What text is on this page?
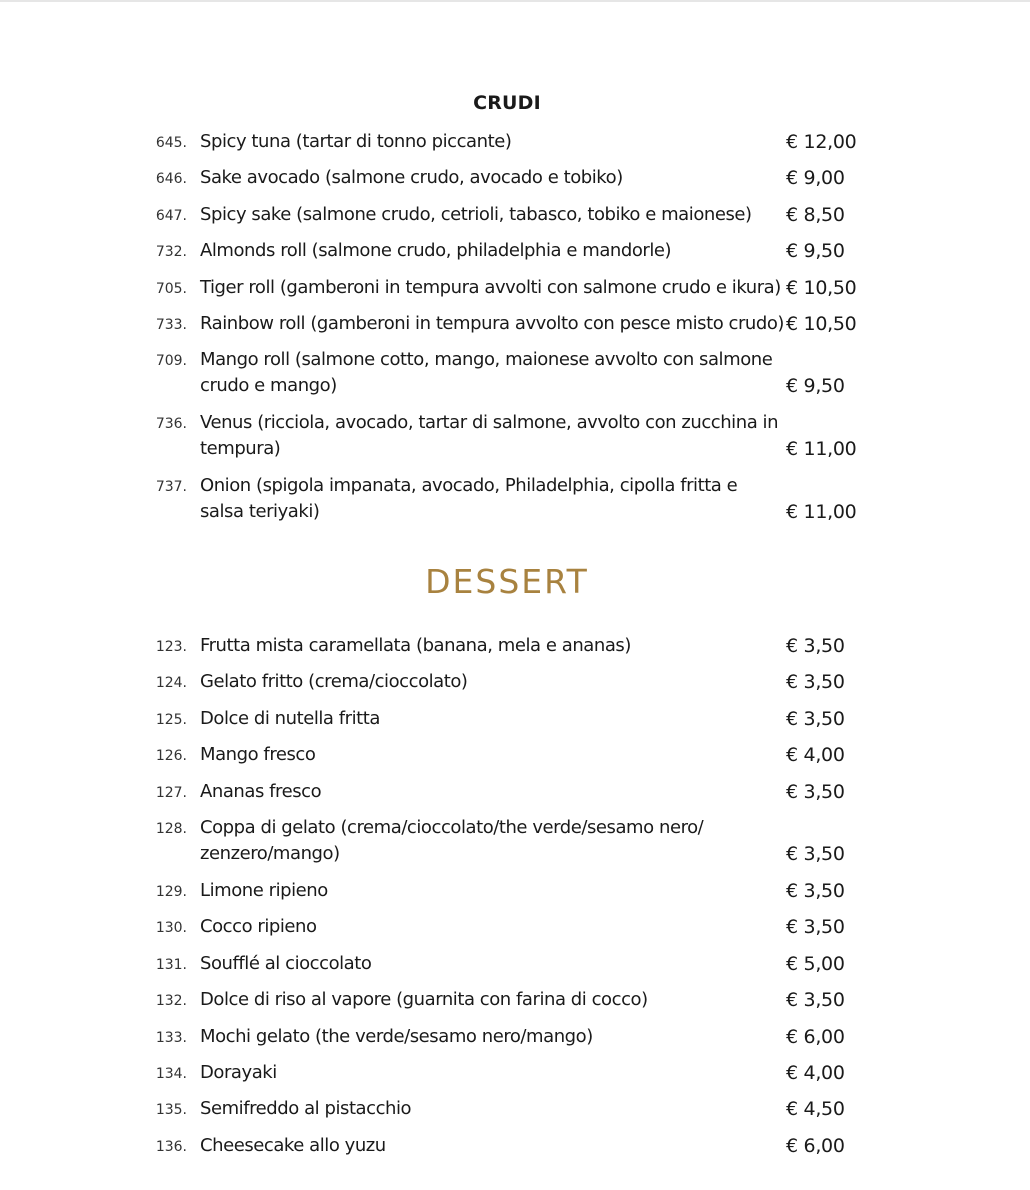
CRUDI
645. Spicy tuna (tartar di tonno piccante)	€ 12,00
646. Sake avocado (salmone crudo, avocado e tobiko)	€ 9,00
647. Spicy sake (salmone crudo, cetrioli, tabasco, tobiko e maionese)	€ 8,50
732. Almonds roll (salmone crudo, philadelphia e mandorle)	€ 9,50
705. Tiger roll (gamberoni in tempura avvolti con salmone crudo e ikura) € 10,50
733. Rainbow roll (gamberoni in tempura avvolto con pesce misto crudo) € 10,50
709. Mango roll (salmone cotto, mango, maionese avvolto con salmone crudo e mango)	€ 9,50
736. Venus (ricciola, avocado, tartar di salmone, avvolto con zucchina in tempura)	€ 11,00
737. Onion (spigola impanata, avocado, Philadelphia, cipolla fritta e salsa teriyaki)	€ 11,00
DESSERT
123. Frutta mista caramellata (banana, mela e ananas)	€ 3,50
124. Gelato fritto (crema/cioccolato)	€ 3,50
125. Dolce di nutella fritta	€ 3,50
126. Mango fresco	€ 4,00
127. Ananas fresco	€ 3,50
128. Coppa di gelato (crema/cioccolato/the verde/sesamo nero/ zenzero/mango)	€ 3,50
129. Limone ripieno	€ 3,50
130. Cocco ripieno	€ 3,50
131. Soufflé al cioccolato	€ 5,00
132. Dolce di riso al vapore (guarnita con farina di cocco)	€ 3,50
133. Mochi gelato (the verde/sesamo nero/mango)	€ 6,00
134. Dorayaki	€ 4,00
135. Semifreddo al pistacchio	€ 4,50
136. Cheesecake allo yuzu	€ 6,00
